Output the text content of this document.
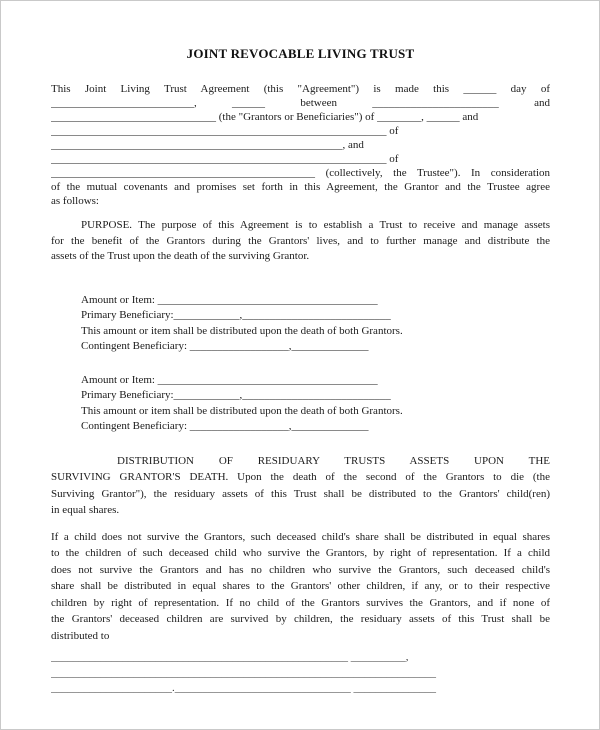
JOINT REVOCABLE LIVING TRUST
This Joint Living Trust Agreement (this "Agreement") is made this ______ day of
__________________________, ______ between _______________________ and
______________________________ (the "Grantors or Beneficiaries") of ________, ______ and
_____________________________________________________________ of
_____________________________________________________, and
_____________________________________________________________ of
________________________________________________ (collectively, the Trustee"). In consideration
of the mutual covenants and promises set forth in this Agreement, the Grantor and the Trustee agree
as follows:
PURPOSE. The purpose of this Agreement is to establish a Trust to receive and manage assets
for the benefit of the Grantors during the Grantors' lives, and to further manage and distribute the
assets of the Trust upon the death of the surviving Grantor.
Amount or Item: ________________________________________
Primary Beneficiary:____________,___________________________
This amount or item shall be distributed upon the death of both Grantors.
Contingent Beneficiary: __________________,______________
Amount or Item: ________________________________________
Primary Beneficiary:____________,___________________________
This amount or item shall be distributed upon the death of both Grantors.
Contingent Beneficiary: __________________,______________
DISTRIBUTION OF RESIDUARY TRUSTS ASSETS UPON THE
SURVIVING GRANTOR'S DEATH. Upon the death of the second of the Grantors to die (the
Surviving Grantor"), the residuary assets of this Trust shall be distributed to the Grantors' child(ren)
in equal shares.
If a child does not survive the Grantors, such deceased child's share shall be distributed in equal shares
to the children of such deceased child who survive the Grantors, by right of representation. If a child
does not survive the Grantors and has no children who survive the Grantors, such deceased child's
share shall be distributed in equal shares to the Grantors' other children, if any, or to their respective
children by right of representation. If no child of the Grantors survives the Grantors, and if none of
the Grantors' deceased children are survived by children, the residuary assets of this Trust shall be
distributed to
______________________________________________________ __________,
______________________________________________________________________
______________________.________________________________ _______________
